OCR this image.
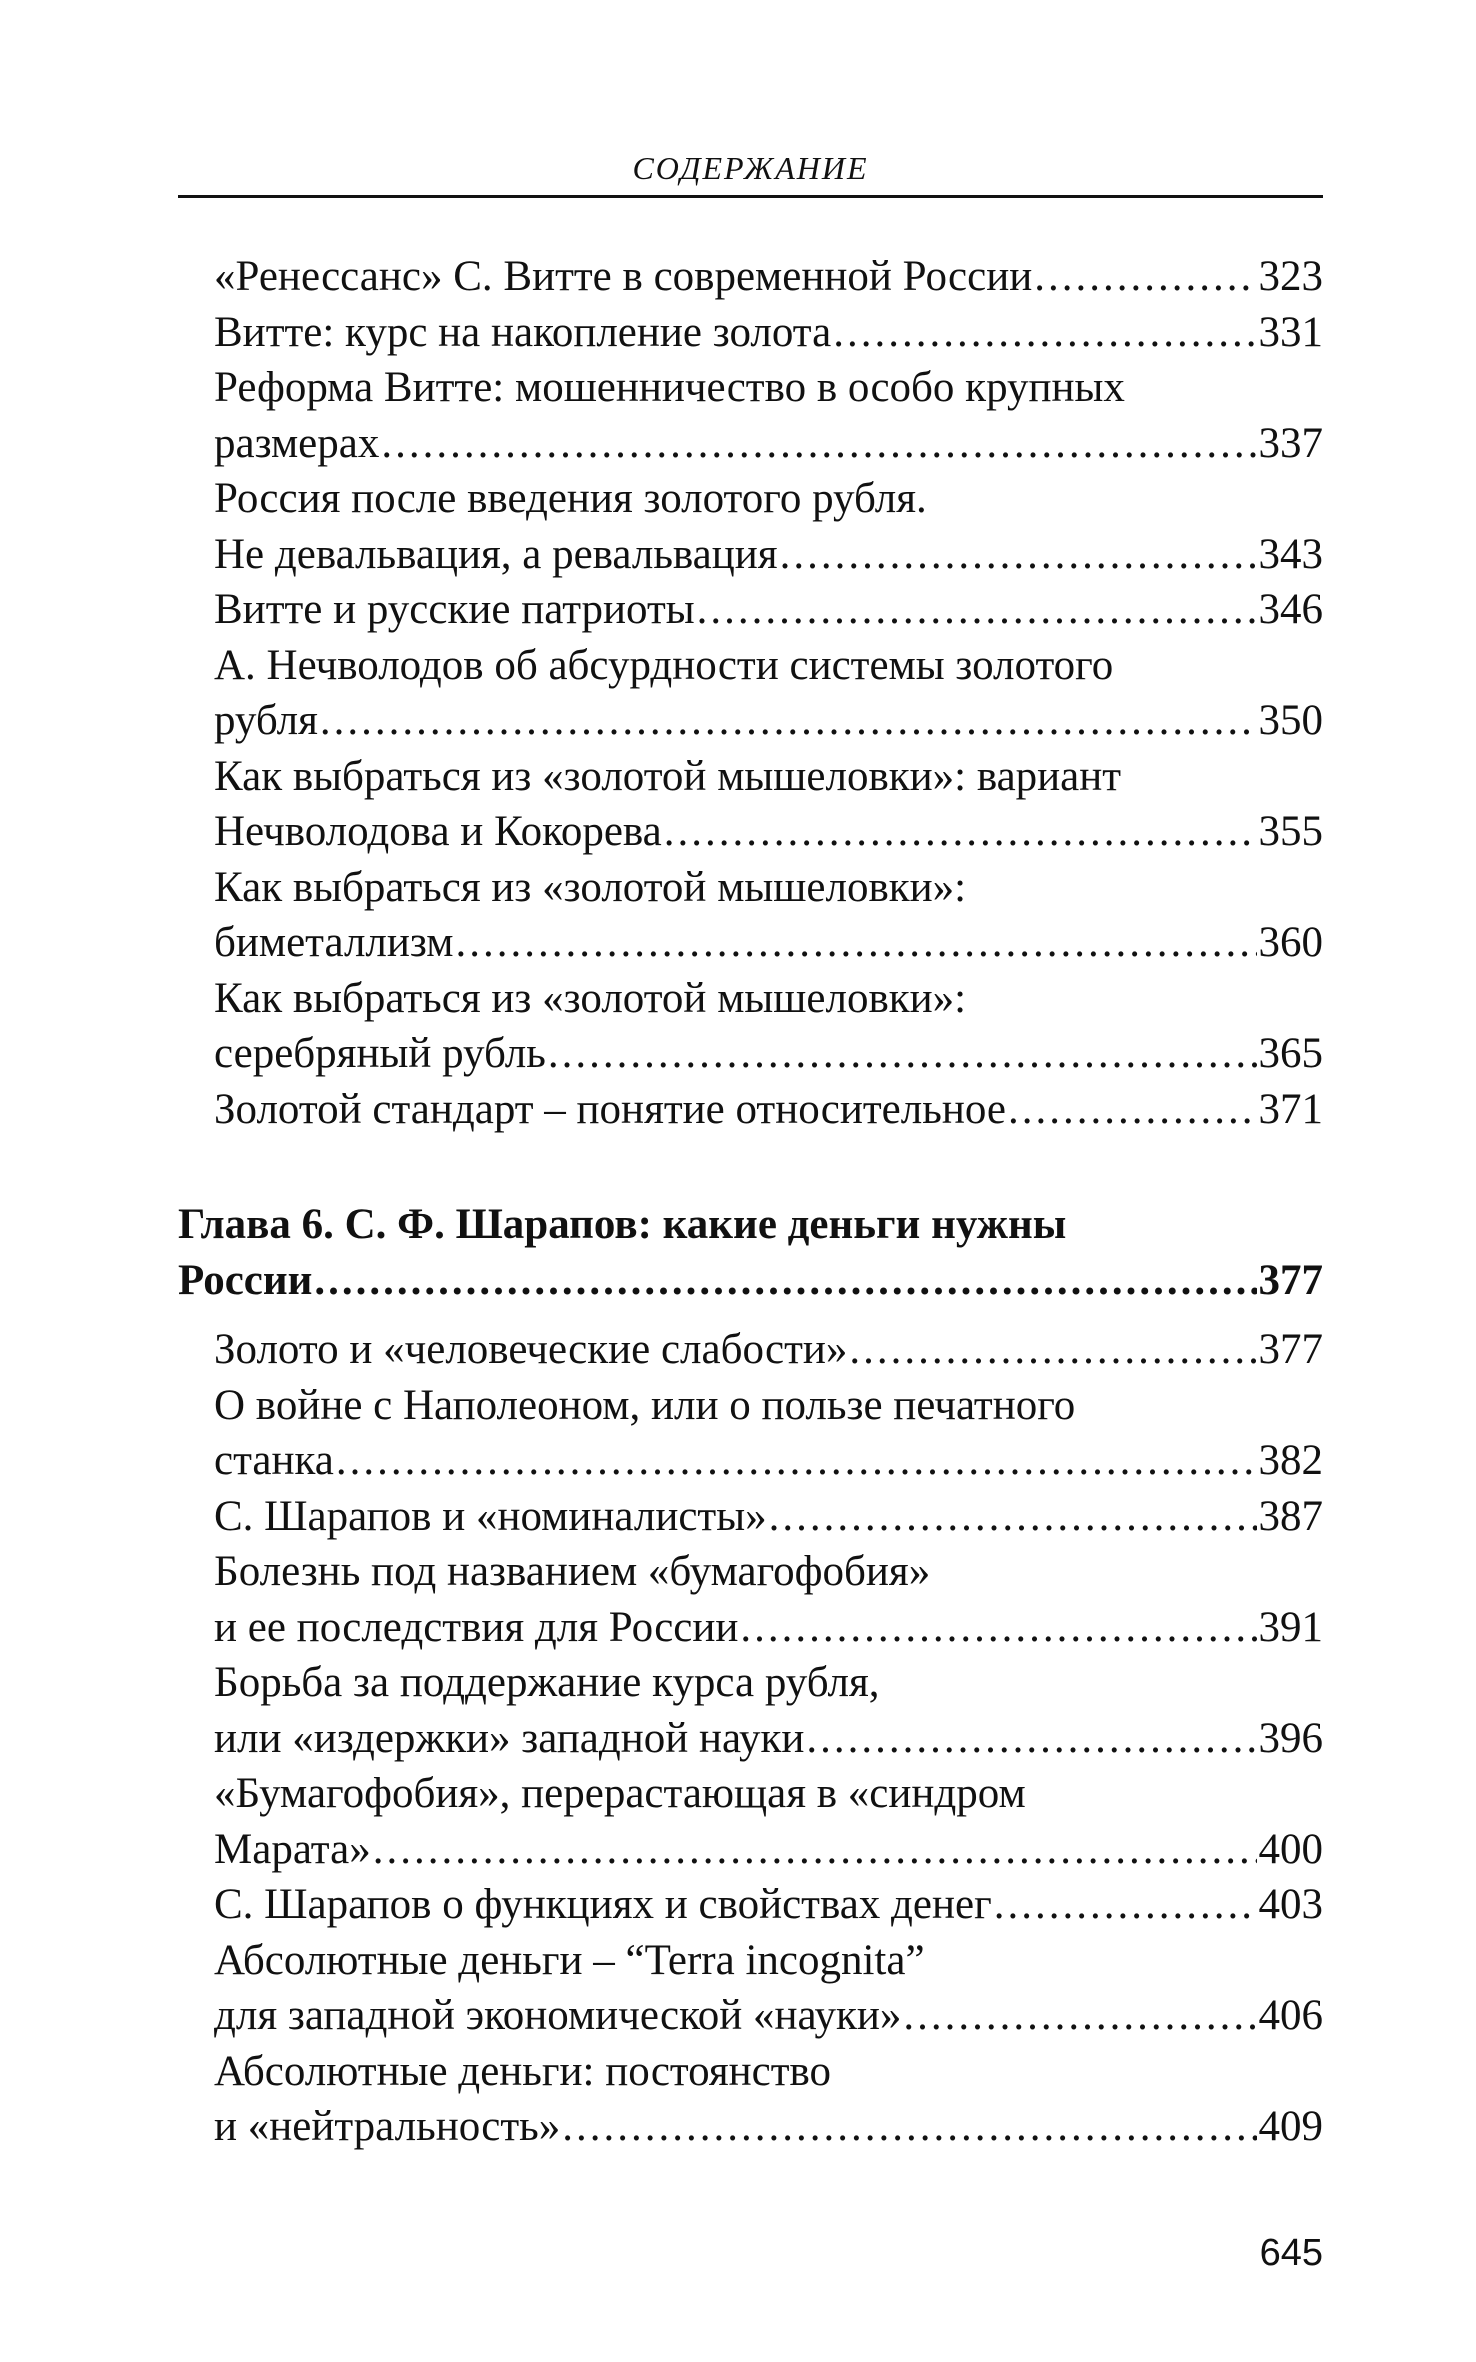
СОДЕРЖАНИЕ
«Ренессанс» С. Витте в современной России .....	323
Витте: курс на накопление золота .....	331
Реформа Витте: мошенничество в особо крупных
размерах .....	337
Россия после введения золотого рубля.
Не девальвация, а ревальвация .....	343
Витте и русские патриоты .....	346
А. Нечволодов об абсурдности системы золотого
рубля .....	350
Как выбраться из «золотой мышеловки»: вариант
Нечволодова и Кокорева .....	355
Как выбраться из «золотой мышеловки»:
биметаллизм .....	360
Как выбраться из «золотой мышеловки»:
серебряный рубль .....	365
Золотой стандарт – понятие относительное .....	371
Глава 6. С. Ф. Шарапов: какие деньги нужны
России .....	377
Золото и «человеческие слабости» .....	377
О войне с Наполеоном, или о пользе печатного
станка .....	382
С. Шарапов и «номиналисты» .....	387
Болезнь под названием «бумагофобия»
и ее последствия для России .....	391
Борьба за поддержание курса рубля,
или «издержки» западной науки .....	396
«Бумагофобия», перерастающая в «синдром
Марата» .....	400
С. Шарапов о функциях и свойствах денег .....	403
Абсолютные деньги – “Terra incognita”
для западной экономической «науки» .....	406
Абсолютные деньги: постоянство
и «нейтральность» .....	409
645
